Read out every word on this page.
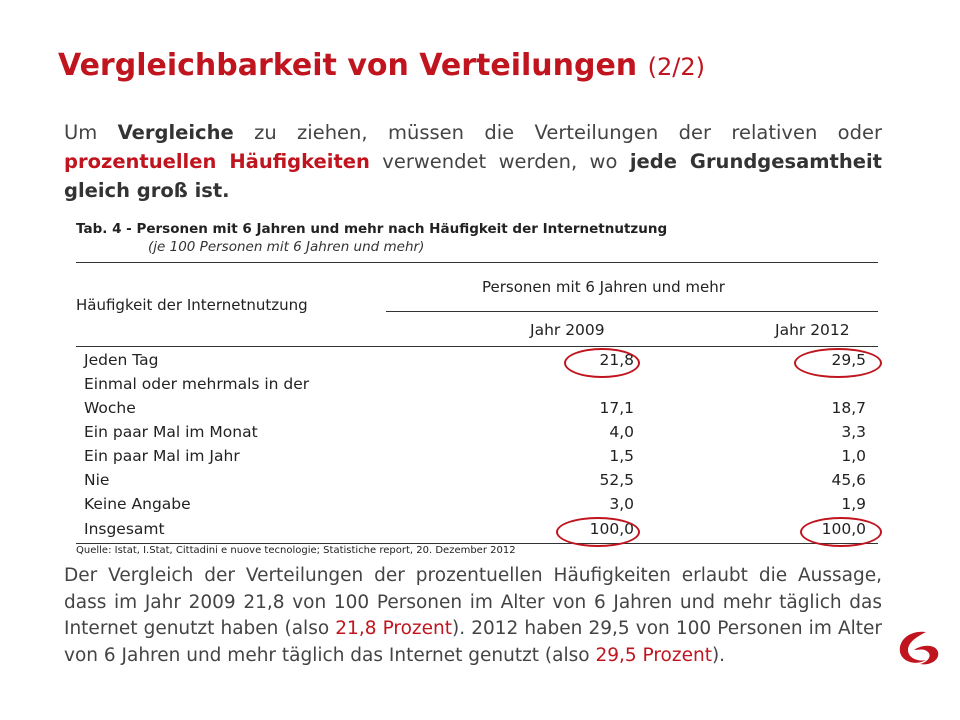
Vergleichbarkeit von Verteilungen (2/2)

Um Vergleiche zu ziehen, müssen die Verteilungen der relativen oder prozentuellen Häufigkeiten verwendet werden, wo jede Grundgesamtheit gleich groß ist.

Tab. 4 - Personen mit 6 Jahren und mehr nach Häufigkeit der Internetnutzung
(je 100 Personen mit 6 Jahren und mehr)
Häufigkeit der Internetnutzung
Personen mit 6 Jahren und mehr
Jahr 2009	Jahr 2012
Jeden Tag	21,8	29,5
Einmal oder mehrmals in der
Woche	17,1	18,7
Ein paar Mal im Monat	4,0	3,3
Ein paar Mal im Jahr	1,5	1,0
Nie	52,5	45,6
Keine Angabe	3,0	1,9
Insgesamt	100,0	100,0
Quelle: Istat, I.Stat, Cittadini e nuove tecnologie; Statistiche report, 20. Dezember 2012

Der Vergleich der Verteilungen der prozentuellen Häufigkeiten erlaubt die Aussage, dass im Jahr 2009 21,8 von 100 Personen im Alter von 6 Jahren und mehr täglich das Internet genutzt haben (also 21,8 Prozent). 2012 haben 29,5 von 100 Personen im Alter von 6 Jahren und mehr täglich das Internet genutzt (also 29,5 Prozent).
